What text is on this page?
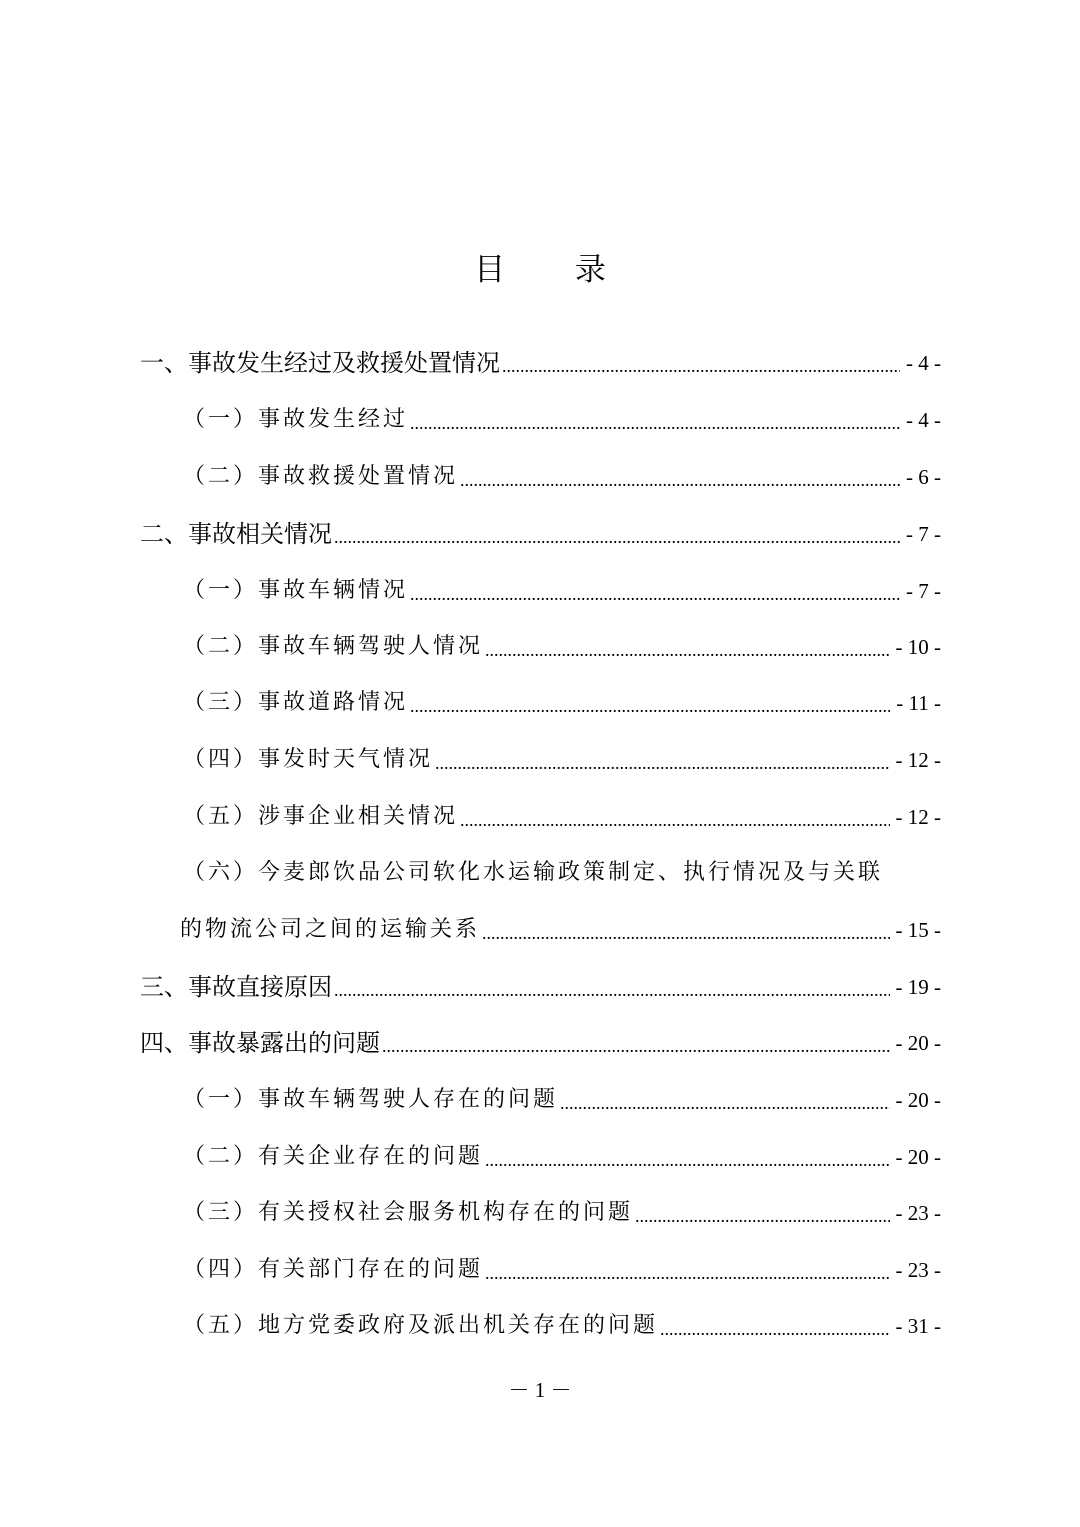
目 录
一、事故发生经过及救援处置情况 .....	- 4 -
（一）事故发生经过 .....	- 4 -
（二）事故救援处置情况 .....	- 6 -
二、事故相关情况 .....	- 7 -
（一）事故车辆情况 .....	- 7 -
（二）事故车辆驾驶人情况 .....	- 10 -
（三）事故道路情况 .....	- 11 -
（四）事发时天气情况 .....	- 12 -
（五）涉事企业相关情况 .....	- 12 -
（六）今麦郎饮品公司软化水运输政策制定、执行情况及与关联
的物流公司之间的运输关系 .....	- 15 -
三、事故直接原因 .....	- 19 -
四、事故暴露出的问题 .....	- 20 -
（一）事故车辆驾驶人存在的问题 .....	- 20 -
（二）有关企业存在的问题 .....	- 20 -
（三）有关授权社会服务机构存在的问题 .....	- 23 -
（四）有关部门存在的问题 .....	- 23 -
（五）地方党委政府及派出机关存在的问题 .....	- 31 -
－ 1 －
